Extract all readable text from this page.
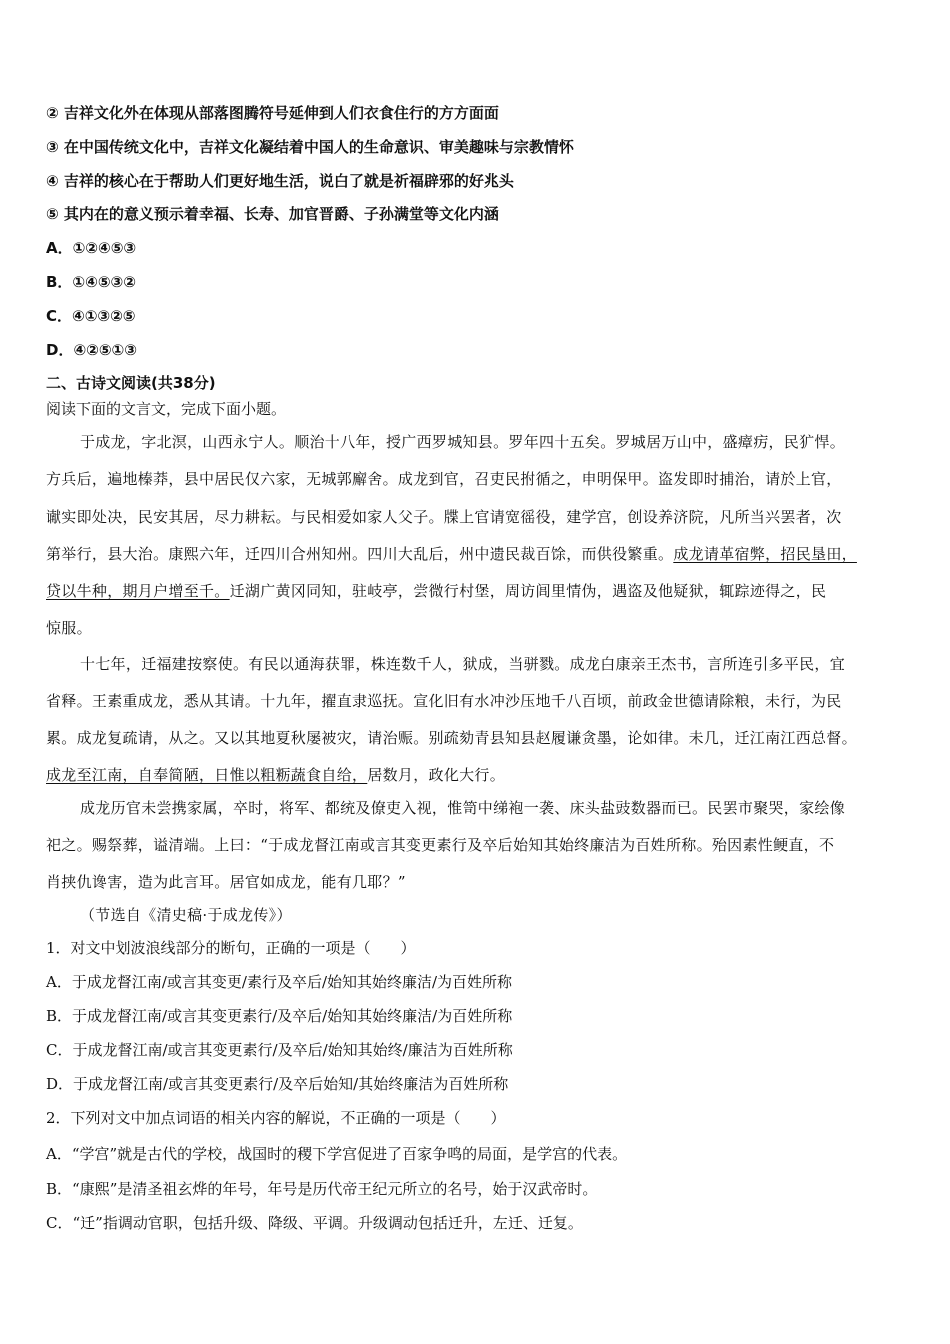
② 吉祥文化外在体现从部落图腾符号延伸到人们衣食住行的方方面面
③ 在中国传统文化中，吉祥文化凝结着中国人的生命意识、审美趣味与宗教情怀
④ 吉祥的核心在于帮助人们更好地生活，说白了就是祈福辟邪的好兆头
⑤ 其内在的意义预示着幸福、长寿、加官晋爵、子孙满堂等文化内涵
A．①②④⑤③
B．①④⑤③②
C．④①③②⑤
D．④②⑤①③
二、古诗文阅读(共38分)
阅读下面的文言文，完成下面小题。
于成龙，字北溟，山西永宁人。顺治十八年，授广西罗城知县。罗年四十五矣。罗城居万山中，盛瘴疠，民犷悍。
方兵后，遍地榛莽，县中居民仅六家，无城郭廨舍。成龙到官，召吏民拊循之，申明保甲。盗发即时捕治，请於上官，
谳实即处决，民安其居，尽力耕耘。与民相爱如家人父子。牒上官请宽徭役，建学宫，创设养济院，凡所当兴罢者，次
第举行，县大治。康熙六年，迁四川合州知州。四川大乱后，州中遗民裁百馀，而供役繁重。成龙请革宿弊，招民垦田，
贷以牛种，期月户增至千。迁湖广黄冈同知，驻岐亭，尝微行村堡，周访闾里情伪，遇盗及他疑狱，辄踪迹得之，民
惊服。
十七年，迁福建按察使。有民以通海获罪，株连数千人，狱成，当骈戮。成龙白康亲王杰书，言所连引多平民，宜
省释。王素重成龙，悉从其请。十九年，擢直隶巡抚。宣化旧有水冲沙压地千八百顷，前政金世德请除粮，未行，为民
累。成龙复疏请，从之。又以其地夏秋屡被灾，请治赈。别疏劾青县知县赵履谦贪墨，论如律。未几，迁江南江西总督。
成龙至江南，自奉简陋，日惟以粗粝蔬食自给，居数月，政化大行。
成龙历官未尝携家属，卒时，将军、都统及僚吏入视，惟笥中绨袍一袭、床头盐豉数器而已。民罢市聚哭，家绘像
祀之。赐祭葬，谥清端。上曰：“于成龙督江南或言其变更素行及卒后始知其始终廉洁为百姓所称。殆因素性鲠直，不
肖挟仇谗害，造为此言耳。居官如成龙，能有几耶？”
（节选自《清史稿·于成龙传》）
1．对文中划波浪线部分的断句，正确的一项是（　　）
A．于成龙督江南/或言其变更/素行及卒后/始知其始终廉洁/为百姓所称
B．于成龙督江南/或言其变更素行/及卒后/始知其始终廉洁/为百姓所称
C．于成龙督江南/或言其变更素行/及卒后/始知其始终/廉洁为百姓所称
D．于成龙督江南/或言其变更素行/及卒后始知/其始终廉洁为百姓所称
2．下列对文中加点词语的相关内容的解说，不正确的一项是（　　）
A．“学宫”就是古代的学校，战国时的稷下学宫促进了百家争鸣的局面，是学宫的代表。
B．“康熙”是清圣祖玄烨的年号，年号是历代帝王纪元所立的名号，始于汉武帝时。
C．“迁”指调动官职，包括升级、降级、平调。升级调动包括迁升，左迁、迁复。
